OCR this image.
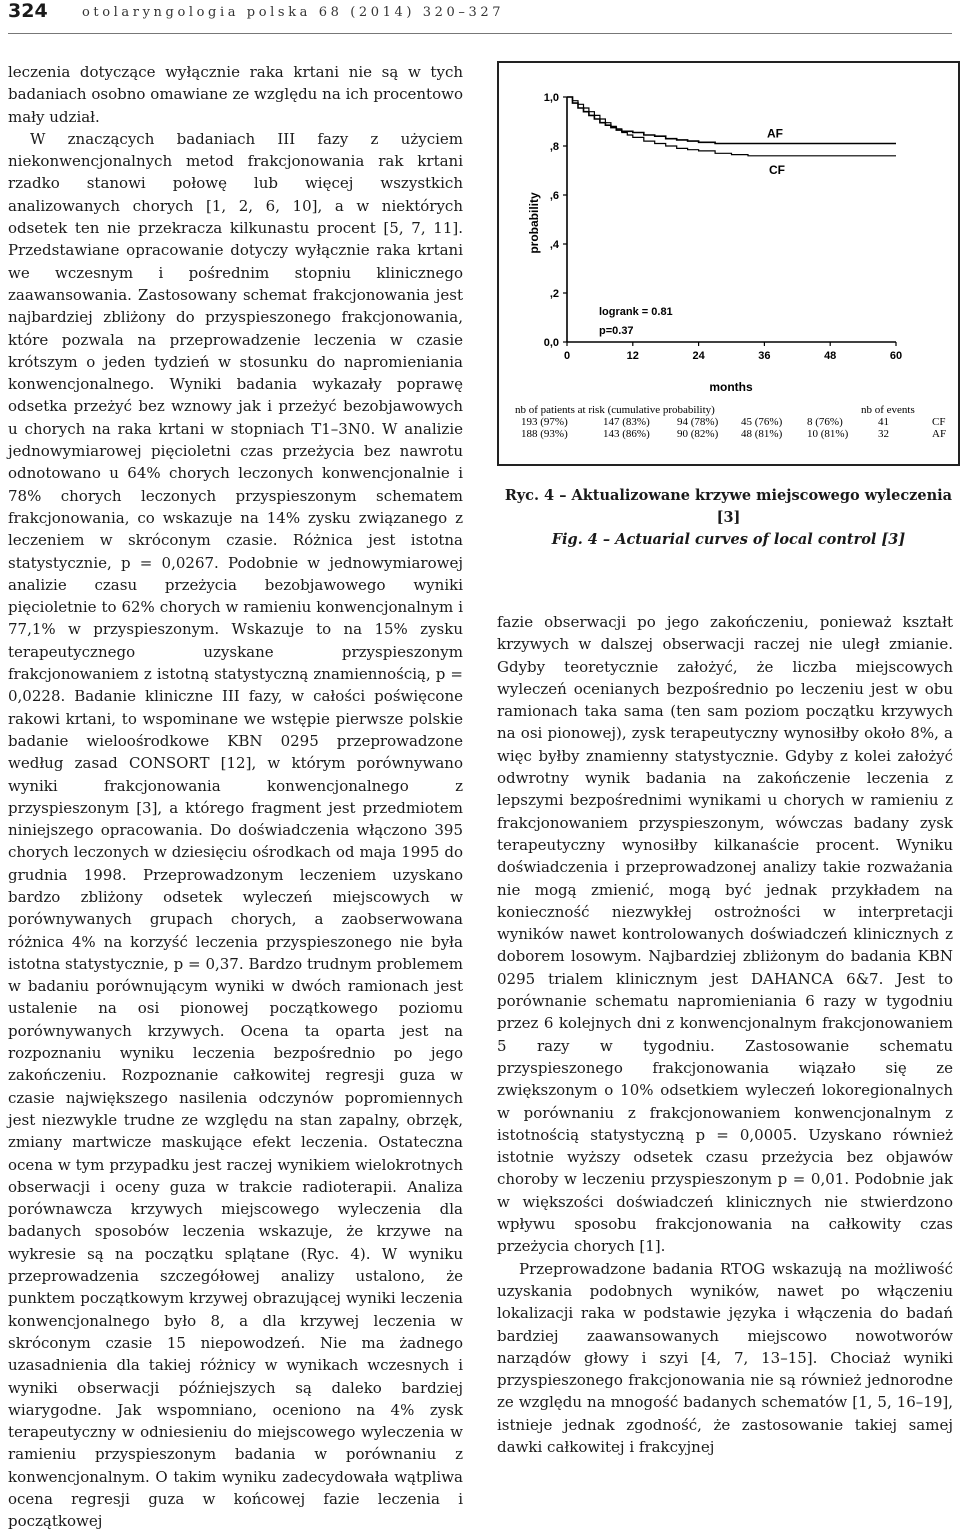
324	otolaryngologia polska 68 (2014) 320–327

leczenia dotyczące wyłącznie raka krtani nie są w tych badaniach osobno omawiane ze względu na ich procentowo mały udział.

W znaczących badaniach III fazy z użyciem niekonwencjonalnych metod frakcjonowania rak krtani rzadko stanowi połowę lub więcej wszystkich analizowanych chorych [1, 2, 6, 10], a w niektórych odsetek ten nie przekracza kilkunastu procent [5, 7, 11]. Przedstawiane opracowanie dotyczy wyłącznie raka krtani we wczesnym i pośrednim stopniu klinicznego zaawansowania. Zastosowany schemat frakcjonowania jest najbardziej zbliżony do przyspieszonego frakcjonowania, które pozwala na przeprowadzenie leczenia w czasie krótszym o jeden tydzień w stosunku do napromieniania konwencjonalnego. Wyniki badania wykazały poprawę odsetka przeżyć bez wznowy jak i przeżyć bezobjawowych u chorych na raka krtani w stopniach T1–3N0. W analizie jednowymiarowej pięcioletni czas przeżycia bez nawrotu odnotowano u 64% chorych leczonych konwencjonalnie i 78% chorych leczonych przyspieszonym schematem frakcjonowania, co wskazuje na 14% zysku związanego z leczeniem w skróconym czasie. Różnica jest istotna statystycznie, p = 0,0267. Podobnie w jednowymiarowej analizie czasu przeżycia bezobjawowego wyniki pięcioletnie to 62% chorych w ramieniu konwencjonalnym i 77,1% w przyspieszonym. Wskazuje to na 15% zysku terapeutycznego uzyskane przyspieszonym frakcjonowaniem z istotną statystyczną znamiennością, p = 0,0228. Badanie kliniczne III fazy, w całości poświęcone rakowi krtani, to wspominane we wstępie pierwsze polskie badanie wieloośrodkowe KBN 0295 przeprowadzone według zasad CONSORT [12], w którym porównywano wyniki frakcjonowania konwencjonalnego z przyspieszonym [3], a którego fragment jest przedmiotem niniejszego opracowania. Do doświadczenia włączono 395 chorych leczonych w dziesięciu ośrodkach od maja 1995 do grudnia 1998. Przeprowadzonym leczeniem uzyskano bardzo zbliżony odsetek wyleczeń miejscowych w porównywanych grupach chorych, a zaobserwowana różnica 4% na korzyść leczenia przyspieszonego nie była istotna statystycznie, p = 0,37. Bardzo trudnym problemem w badaniu porównującym wyniki w dwóch ramionach jest ustalenie na osi pionowej początkowego poziomu porównywanych krzywych. Ocena ta oparta jest na rozpoznaniu wyniku leczenia bezpośrednio po jego zakończeniu. Rozpoznanie całkowitej regresji guza w czasie największego nasilenia odczynów popromiennych jest niezwykle trudne ze względu na stan zapalny, obrzęk, zmiany martwicze maskujące efekt leczenia. Ostateczna ocena w tym przypadku jest raczej wynikiem wielokrotnych obserwacji i oceny guza w trakcie radioterapii. Analiza porównawcza krzywych miejscowego wyleczenia dla badanych sposobów leczenia wskazuje, że krzywe na wykresie są na początku splątane (Ryc. 4). W wyniku przeprowadzenia szczegółowej analizy ustalono, że punktem początkowym krzywej obrazującej wyniki leczenia konwencjonalnego było 8, a dla krzywej leczenia w skróconym czasie 15 niepowodzeń. Nie ma żadnego uzasadnienia dla takiej różnicy w wynikach wczesnych i wyniki obserwacji późniejszych są daleko bardziej wiarygodne. Jak wspomniano, oceniono na 4% zysk terapeutyczny w odniesieniu do miejscowego wyleczenia w ramieniu przyspieszonym badania w porównaniu z konwencjonalnym. O takim wyniku zadecydowała wątpliwa ocena regresji guza w końcowej fazie leczenia i początkowej

0,0
,2
,4
,6
,8
1,0
0	12	24	36	48	60
probability
months
AF
CF
logrank = 0.81
p=0.37
nb of patients at risk (cumulative probability)	nb of events
193 (97%)	147 (83%) 94 (78%) 45 (76%) 8 (76%)	41	CF
188 (93%)	143 (86%) 90 (82%) 48 (81%) 10 (81%)	32	AF
Ryc. 4 – Aktualizowane krzywe miejscowego wyleczenia [3]
Fig. 4 – Actuarial curves of local control [3]

fazie obserwacji po jego zakończeniu, ponieważ kształt krzywych w dalszej obserwacji raczej nie uległ zmianie. Gdyby teoretycznie założyć, że liczba miejscowych wyleczeń ocenianych bezpośrednio po leczeniu jest w obu ramionach taka sama (ten sam poziom początku krzywych na osi pionowej), zysk terapeutyczny wynosiłby około 8%, a więc byłby znamienny statystycznie. Gdyby z kolei założyć odwrotny wynik badania na zakończenie leczenia z lepszymi bezpośrednimi wynikami u chorych w ramieniu z frakcjonowaniem przyspieszonym, wówczas badany zysk terapeutyczny wynosiłby kilkanaście procent. Wyniku doświadczenia i przeprowadzonej analizy takie rozważania nie mogą zmienić, mogą być jednak przykładem na konieczność niezwykłej ostrożności w interpretacji wyników nawet kontrolowanych doświadczeń klinicznych z doborem losowym. Najbardziej zbliżonym do badania KBN 0295 trialem klinicznym jest DAHANCA 6&7. Jest to porównanie schematu napromieniania 6 razy w tygodniu przez 6 kolejnych dni z konwencjonalnym frakcjonowaniem 5 razy w tygodniu. Zastosowanie schematu przyspieszonego frakcjonowania wiązało się ze zwiększonym o 10% odsetkiem wyleczeń lokoregionalnych w porównaniu z frakcjonowaniem konwencjonalnym z istotnością statystyczną p = 0,0005. Uzyskano również istotnie wyższy odsetek czasu przeżycia bez objawów choroby w leczeniu przyspieszonym p = 0,01. Podobnie jak w większości doświadczeń klinicznych nie stwierdzono wpływu sposobu frakcjonowania na całkowity czas przeżycia chorych [1].

Przeprowadzone badania RTOG wskazują na możliwość uzyskania podobnych wyników, nawet po włączeniu lokalizacji raka w podstawie języka i włączenia do badań bardziej zaawansowanych miejscowo nowotworów narządów głowy i szyi [4, 7, 13–15]. Chociaż wyniki przyspieszonego frakcjonowania nie są również jednorodne ze względu na mnogość badanych schematów [1, 5, 16–19], istnieje jednak zgodność, że zastosowanie takiej samej dawki całkowitej i frakcyjnej
